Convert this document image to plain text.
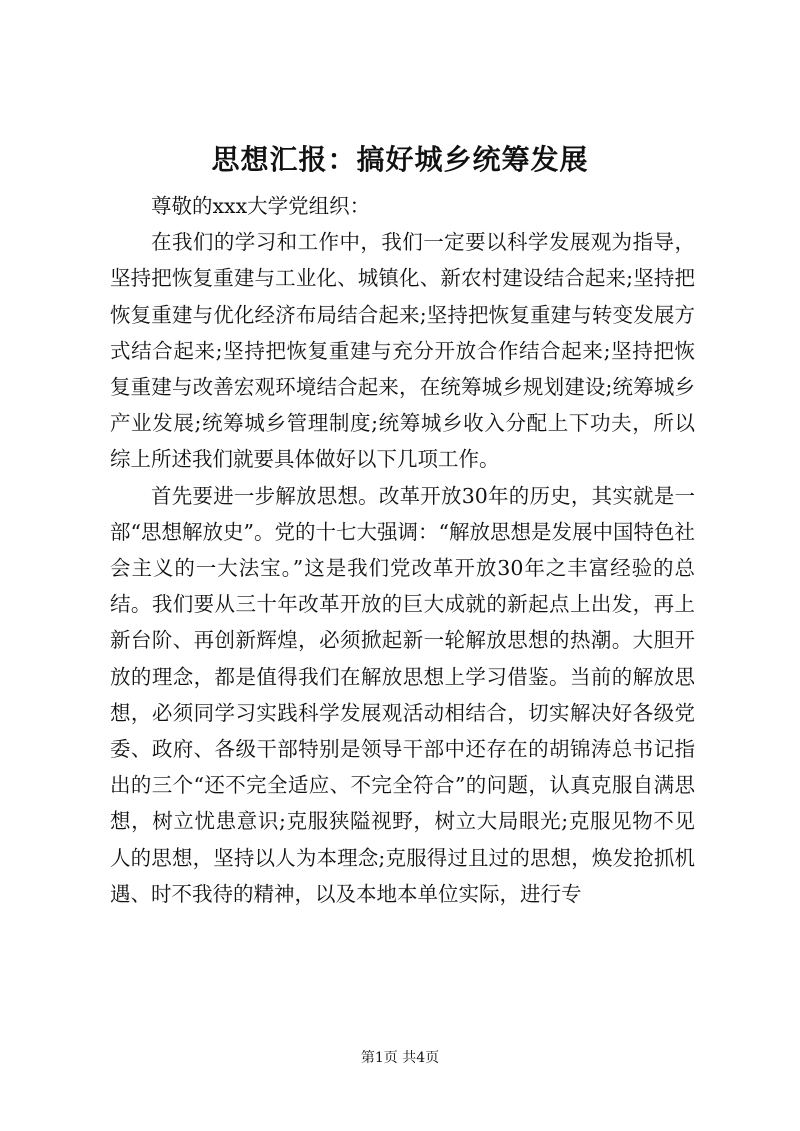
思想汇报：搞好城乡统筹发展

尊敬的xxx大学党组织：

在我们的学习和工作中，我们一定要以科学发展观为指导，坚持把恢复重建与工业化、城镇化、新农村建设结合起来;坚持把恢复重建与优化经济布局结合起来;坚持把恢复重建与转变发展方式结合起来;坚持把恢复重建与充分开放合作结合起来;坚持把恢复重建与改善宏观环境结合起来，在统筹城乡规划建设;统筹城乡产业发展;统筹城乡管理制度;统筹城乡收入分配上下功夫，所以综上所述我们就要具体做好以下几项工作。

首先要进一步解放思想。改革开放30年的历史，其实就是一部“思想解放史”。党的十七大强调：“解放思想是发展中国特色社会主义的一大法宝。”这是我们党改革开放30年之丰富经验的总结。我们要从三十年改革开放的巨大成就的新起点上出发，再上新台阶、再创新辉煌，必须掀起新一轮解放思想的热潮。大胆开放的理念，都是值得我们在解放思想上学习借鉴。当前的解放思想，必须同学习实践科学发展观活动相结合，切实解决好各级党委、政府、各级干部特别是领导干部中还存在的胡锦涛总书记指出的三个“还不完全适应、不完全符合”的问题，认真克服自满思想，树立忧患意识;克服狭隘视野，树立大局眼光;克服见物不见人的思想，坚持以人为本理念;克服得过且过的思想，焕发抢抓机遇、时不我待的精神，以及本地本单位实际，进行专

第1页 共4页
